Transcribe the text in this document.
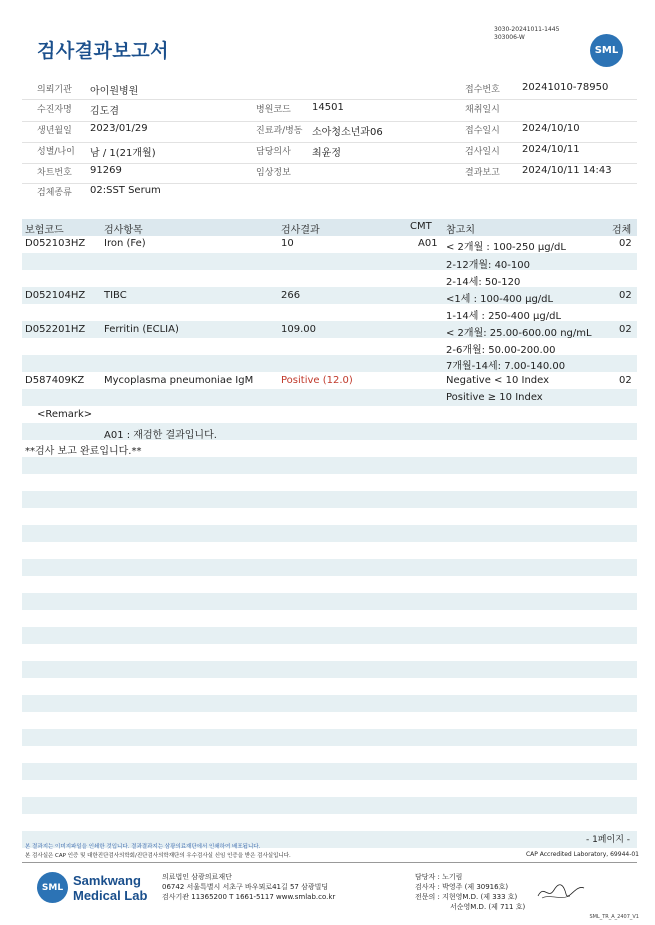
검사결과보고서
3030-20241011-1445
303006-W
SML
의뢰기관 아이원병원	접수번호 20241010-78950
수진자명 김도겸	병원코드 14501	채취일시
생년월일 2023/01/29	진료과/병동 소아청소년과06	접수일시 2024/10/10
성별/나이 남 / 1(21개월)	담당의사 최윤정	검사일시 2024/10/11
차트번호 91269	임상정보	결과보고 2024/10/11 14:43
검체종류 02:SST Serum
보험코드	검사항목	검사결과	CMT 참고치	검체
D052103HZ Iron (Fe)	10	A01 < 2개월 : 100-250 μg/dL
2-12개월: 40-100
2-14세: 50-120
02
D052104HZ TIBC	266	<1세 : 100-400 μg/dL
1-14세 : 250-400 μg/dL
02
D052201HZ Ferritin (ECLIA)	109.00	< 2개월: 25.00-600.00 ng/mL
2-6개월: 50.00-200.00
7개월-14세: 7.00-140.00
02
D587409KZ Mycoplasma pneumoniae IgM	Positive (12.0)	Negative < 10 Index
Positive ≥ 10 Index
02
<Remark>
A01 : 재검한 결과입니다.
**검사 보고 완료입니다.**
- 1페이지 -
본 결과지는 이미지파일을 인쇄한 것입니다. 결과결과지는 삼광의료재단에서 인쇄하여 배포됩니다.
본 검사실은 CAP 인증 및 대한진단검사의학회/진단검사의학재단의 우수검사실 신임 인증을 받은 검사실입니다.	CAP Accredited Laboratory, 69944-01
SML Samkwang
Medical Lab
의료법인 삼광의료재단
06742 서울특별시 서초구 바우뫼로41길 57 삼광빌딩
검사기관 11365200 T 1661-5117 www.smlab.co.kr
담당자 : 노기림
검사자 : 박영주 (제 30916호)
전문의 : 지현영M.D. (제 333 호)
서순영M.D. (제 711 호)
SML_TR_A_2407_V1
